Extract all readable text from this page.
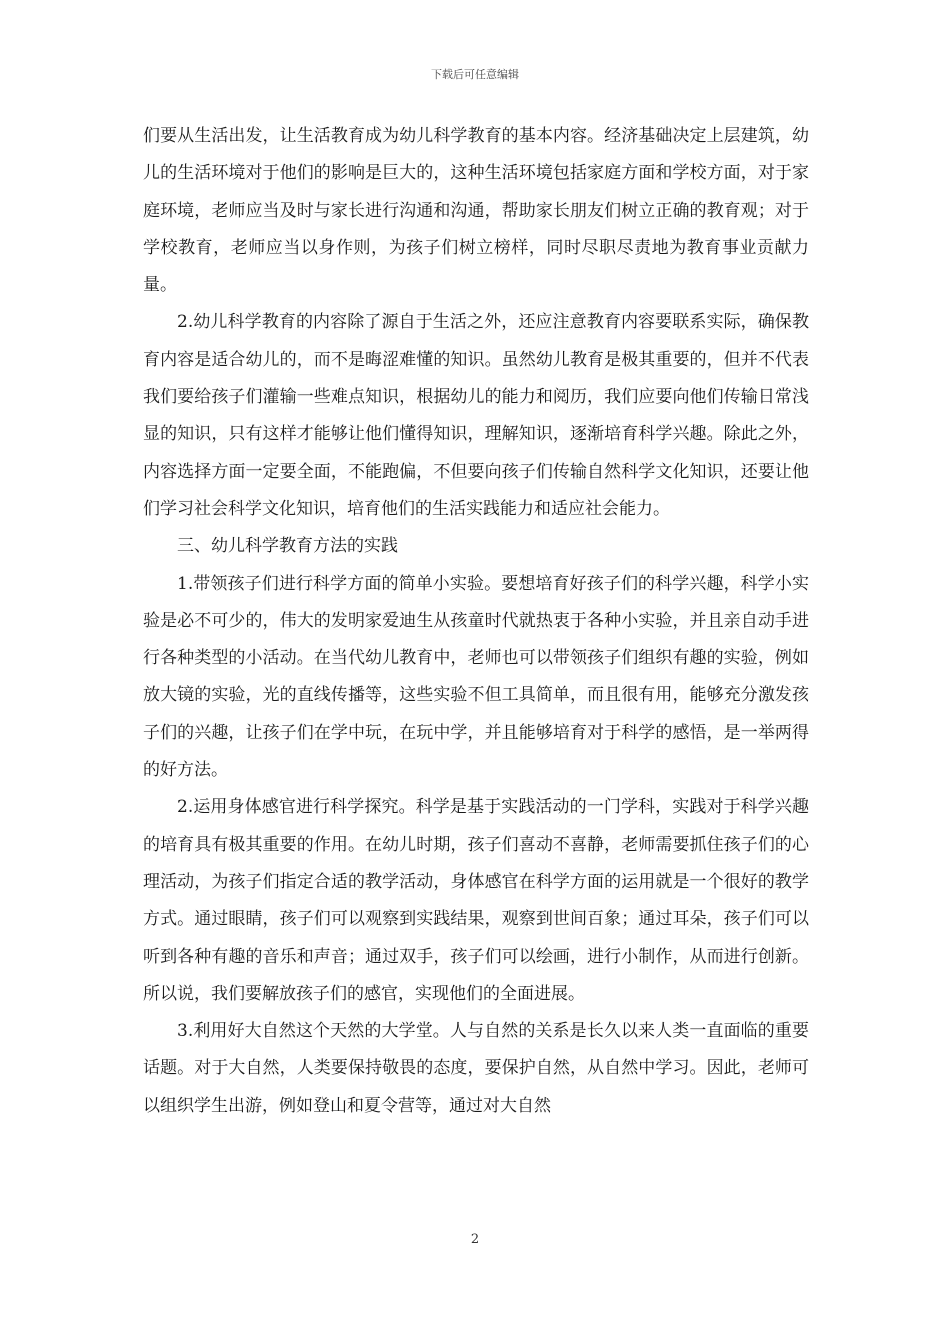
下载后可任意编辑

们要从生活出发，让生活教育成为幼儿科学教育的基本内容。经济基础决定上层建筑，幼儿的生活环境对于他们的影响是巨大的，这种生活环境包括家庭方面和学校方面，对于家庭环境，老师应当及时与家长进行沟通和沟通，帮助家长朋友们树立正确的教育观；对于学校教育，老师应当以身作则，为孩子们树立榜样，同时尽职尽责地为教育事业贡献力量。

2.幼儿科学教育的内容除了源自于生活之外，还应注意教育内容要联系实际，确保教育内容是适合幼儿的，而不是晦涩难懂的知识。虽然幼儿教育是极其重要的，但并不代表我们要给孩子们灌输一些难点知识，根据幼儿的能力和阅历，我们应要向他们传输日常浅显的知识，只有这样才能够让他们懂得知识，理解知识，逐渐培育科学兴趣。除此之外，内容选择方面一定要全面，不能跑偏，不但要向孩子们传输自然科学文化知识，还要让他们学习社会科学文化知识，培育他们的生活实践能力和适应社会能力。

三、幼儿科学教育方法的实践

1.带领孩子们进行科学方面的简单小实验。要想培育好孩子们的科学兴趣，科学小实验是必不可少的，伟大的发明家爱迪生从孩童时代就热衷于各种小实验，并且亲自动手进行各种类型的小活动。在当代幼儿教育中，老师也可以带领孩子们组织有趣的实验，例如放大镜的实验，光的直线传播等，这些实验不但工具简单，而且很有用，能够充分激发孩子们的兴趣，让孩子们在学中玩，在玩中学，并且能够培育对于科学的感悟，是一举两得的好方法。

2.运用身体感官进行科学探究。科学是基于实践活动的一门学科，实践对于科学兴趣的培育具有极其重要的作用。在幼儿时期，孩子们喜动不喜静，老师需要抓住孩子们的心理活动，为孩子们指定合适的教学活动，身体感官在科学方面的运用就是一个很好的教学方式。通过眼睛，孩子们可以观察到实践结果，观察到世间百象；通过耳朵，孩子们可以听到各种有趣的音乐和声音；通过双手，孩子们可以绘画，进行小制作，从而进行创新。所以说，我们要解放孩子们的感官，实现他们的全面进展。

3.利用好大自然这个天然的大学堂。人与自然的关系是长久以来人类一直面临的重要话题。对于大自然，人类要保持敬畏的态度，要保护自然，从自然中学习。因此，老师可以组织学生出游，例如登山和夏令营等，通过对大自然

2
